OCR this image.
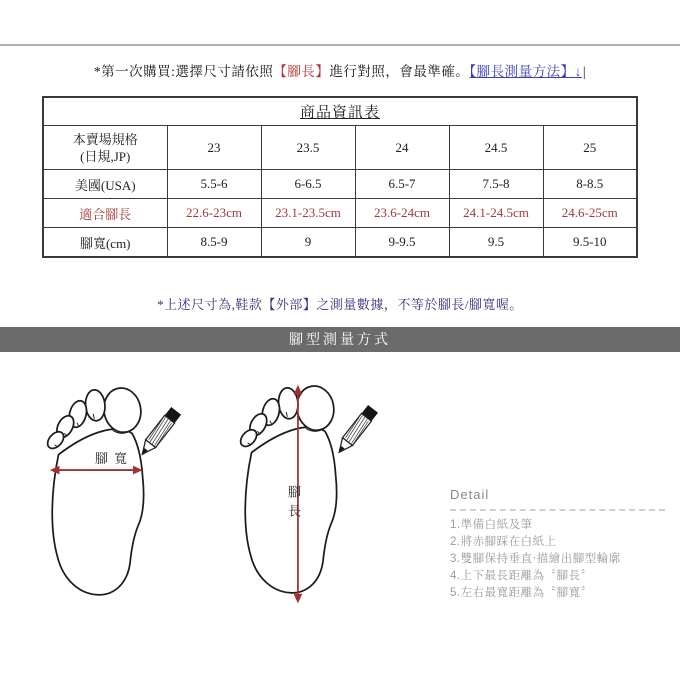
*第一次購買:選擇尺寸請依照【腳長】進行對照，會最準確。【腳長測量方法】↓|
商品資訊表					

本賣場規格
(日規,JP)	23	23.5	24	24.5	25
美國(USA)	5.5-6	6-6.5	6.5-7	7.5-8	8-8.5
適合腳長	22.6-23cm	23.1-23.5cm	23.6-24cm	24.1-24.5cm	24.6-25cm
腳寬(cm)	8.5-9	9	9-9.5	9.5	9.5-10
*上述尺寸為,鞋款【外部】之測量數據，不等於腳長/腳寬喔。
腳型測量方式
腳寬
腳長	Detail
1.準備白紙及筆
2.將赤腳踩在白紙上
3.雙腳保持垂直‧描繪出腳型輪廓
4.上下最長距離為〝腳長〞
5.左右最寬距離為〝腳寬〞
